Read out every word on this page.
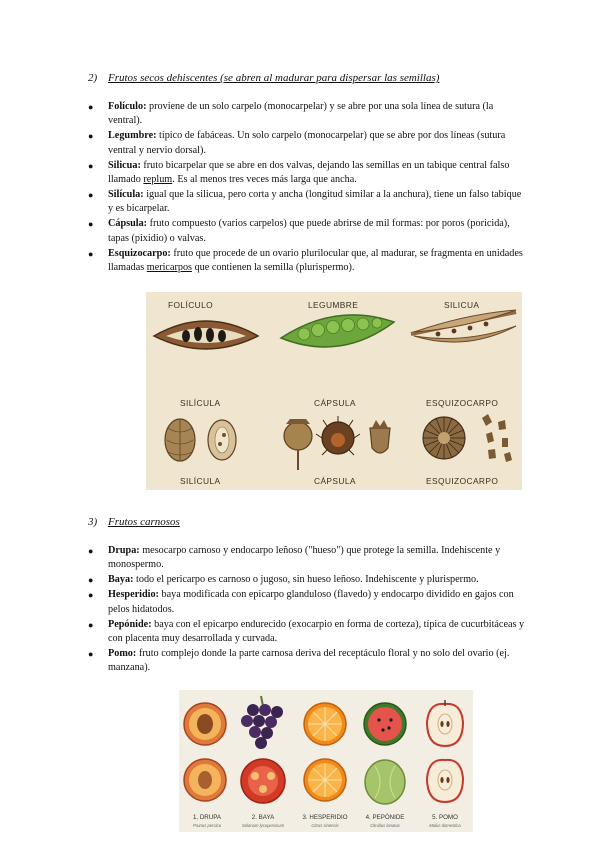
2) Frutos secos dehiscentes (se abren al madurar para dispersar las semillas)
● Folículo: proviene de un solo carpelo (monocarpelar) y se abre por una sola línea de sutura (la ventral).
● Legumbre: típico de fabáceas. Un solo carpelo (monocarpelar) que se abre por dos líneas (sutura ventral y nervio dorsal).
● Silicua: fruto bicarpelar que se abre en dos valvas, dejando las semillas en un tabique central falso llamado replum. Es al menos tres veces más larga que ancha.
● Silícula: igual que la silicua, pero corta y ancha (longitud similar a la anchura), tiene un falso tabique y es bicarpelar.
● Cápsula: fruto compuesto (varios carpelos) que puede abrirse de mil formas: por poros (poricida), tapas (pixidio) o valvas.
● Esquizocarpo: fruto que procede de un ovario plurilocular que, al madurar, se fragmenta en unidades llamadas mericarpos que contienen la semilla (plurispermo).
FOLÍCULO	LEGUMBRE	SILICUA
SILÍCULA	CÁPSULA	ESQUIZOCARPO
SILÍCULA	CÁPSULA	ESQUIZOCARPO
3) Frutos carnosos
● Drupa: mesocarpo carnoso y endocarpo leñoso ("hueso") que protege la semilla. Indehiscente y monospermo.
● Baya: todo el pericarpo es carnoso o jugoso, sin hueso leñoso. Indehiscente y plurispermo.
● Hesperidio: baya modificada con epicarpo glanduloso (flavedo) y endocarpo dividido en gajos con pelos hidatodos.
● Pepónide: baya con el epicarpo endurecido (exocarpio en forma de corteza), típica de cucurbitáceas y con placenta muy desarrollada y curvada.
● Pomo: fruto complejo donde la parte carnosa deriva del receptáculo floral y no solo del ovario (ej. manzana).
1. DRUPA	2. BAYA	3. HESPERIDIO	4. PEPÓNIDE	5. POMO
Prunus persica	Solanum lycopersicum	Citrus sinensis	Citrullus lanatus	Malus domestica
